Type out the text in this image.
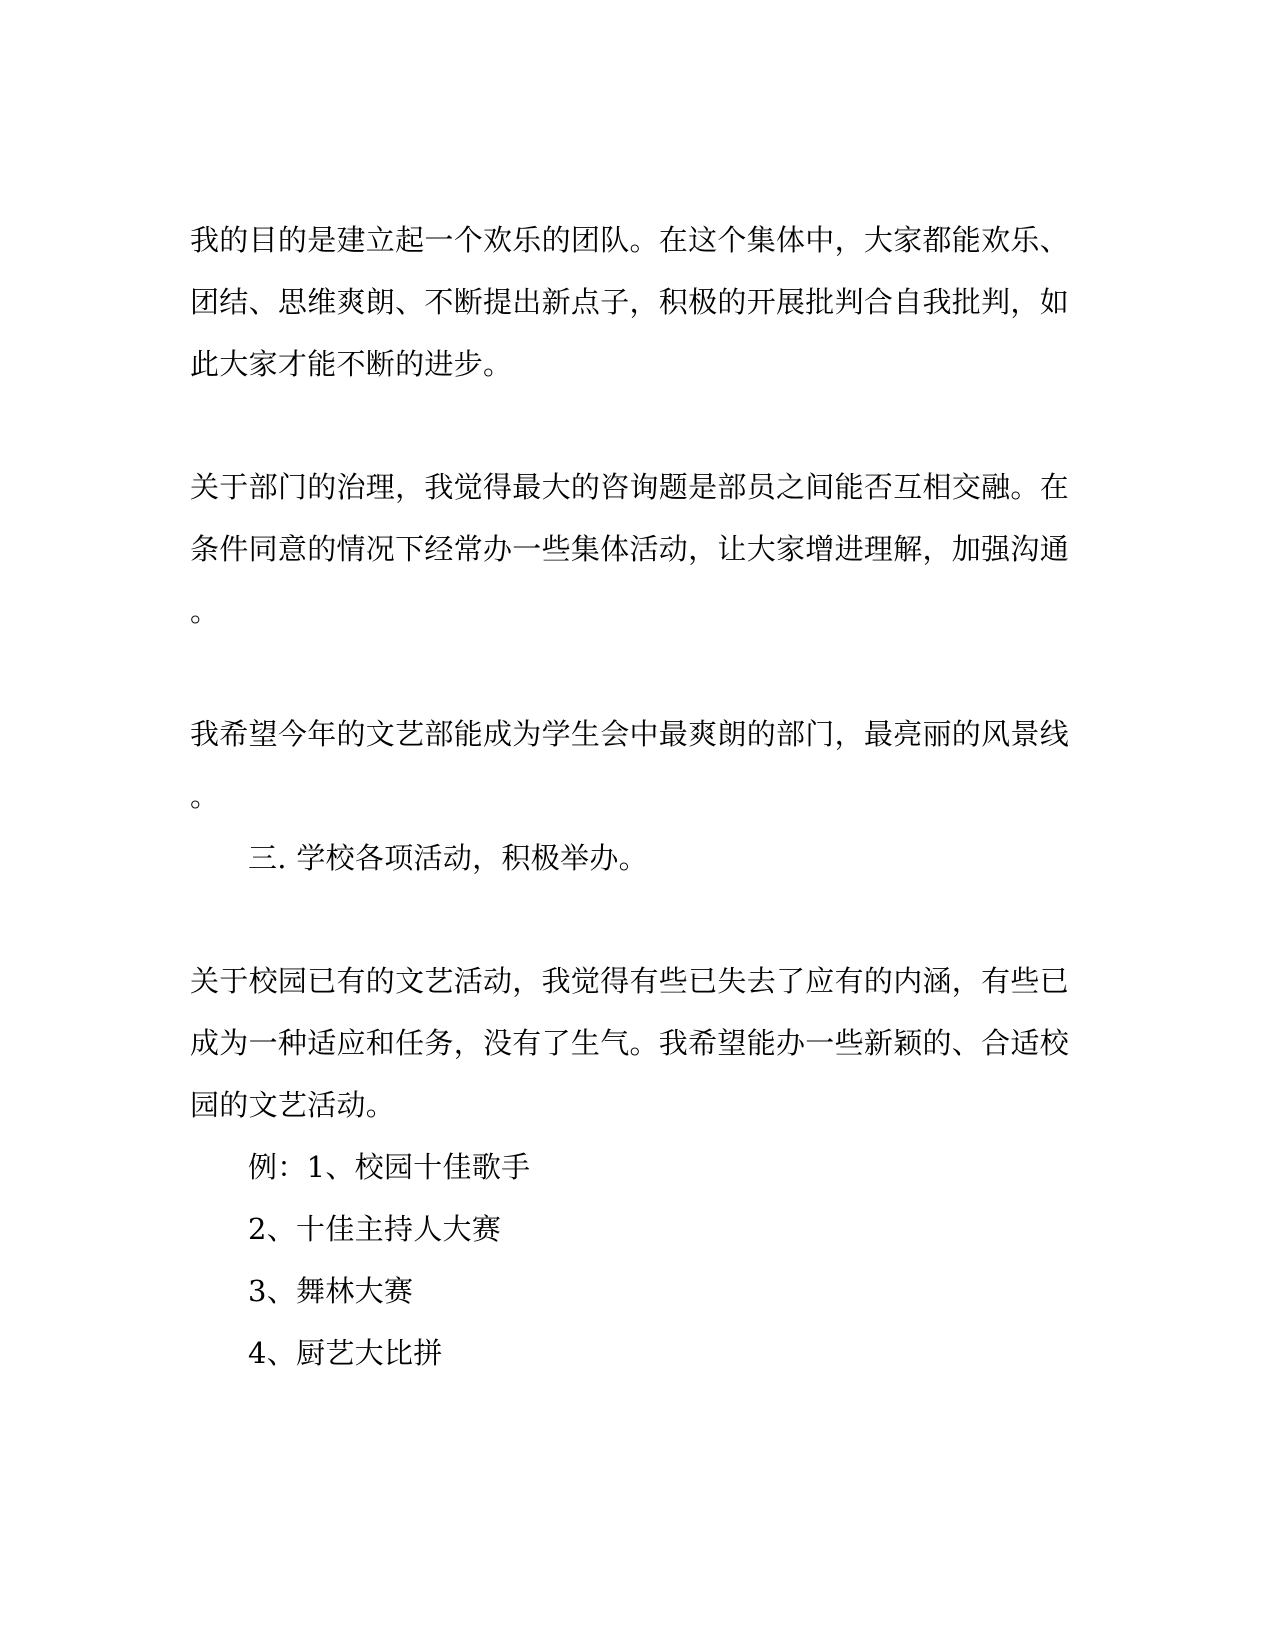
我的目的是建立起一个欢乐的团队。在这个集体中，大家都能欢乐、
团结、思维爽朗、不断提出新点子，积极的开展批判合自我批判，如
此大家才能不断的进步。
关于部门的治理，我觉得最大的咨询题是部员之间能否互相交融。在
条件同意的情况下经常办一些集体活动，让大家增进理解，加强沟通
。
我希望今年的文艺部能成为学生会中最爽朗的部门，最亮丽的风景线
。
三. 学校各项活动，积极举办。
关于校园已有的文艺活动，我觉得有些已失去了应有的内涵，有些已
成为一种适应和任务，没有了生气。我希望能办一些新颖的、合适校
园的文艺活动。
例：1、校园十佳歌手
2、十佳主持人大赛
3、舞林大赛
4、厨艺大比拼
